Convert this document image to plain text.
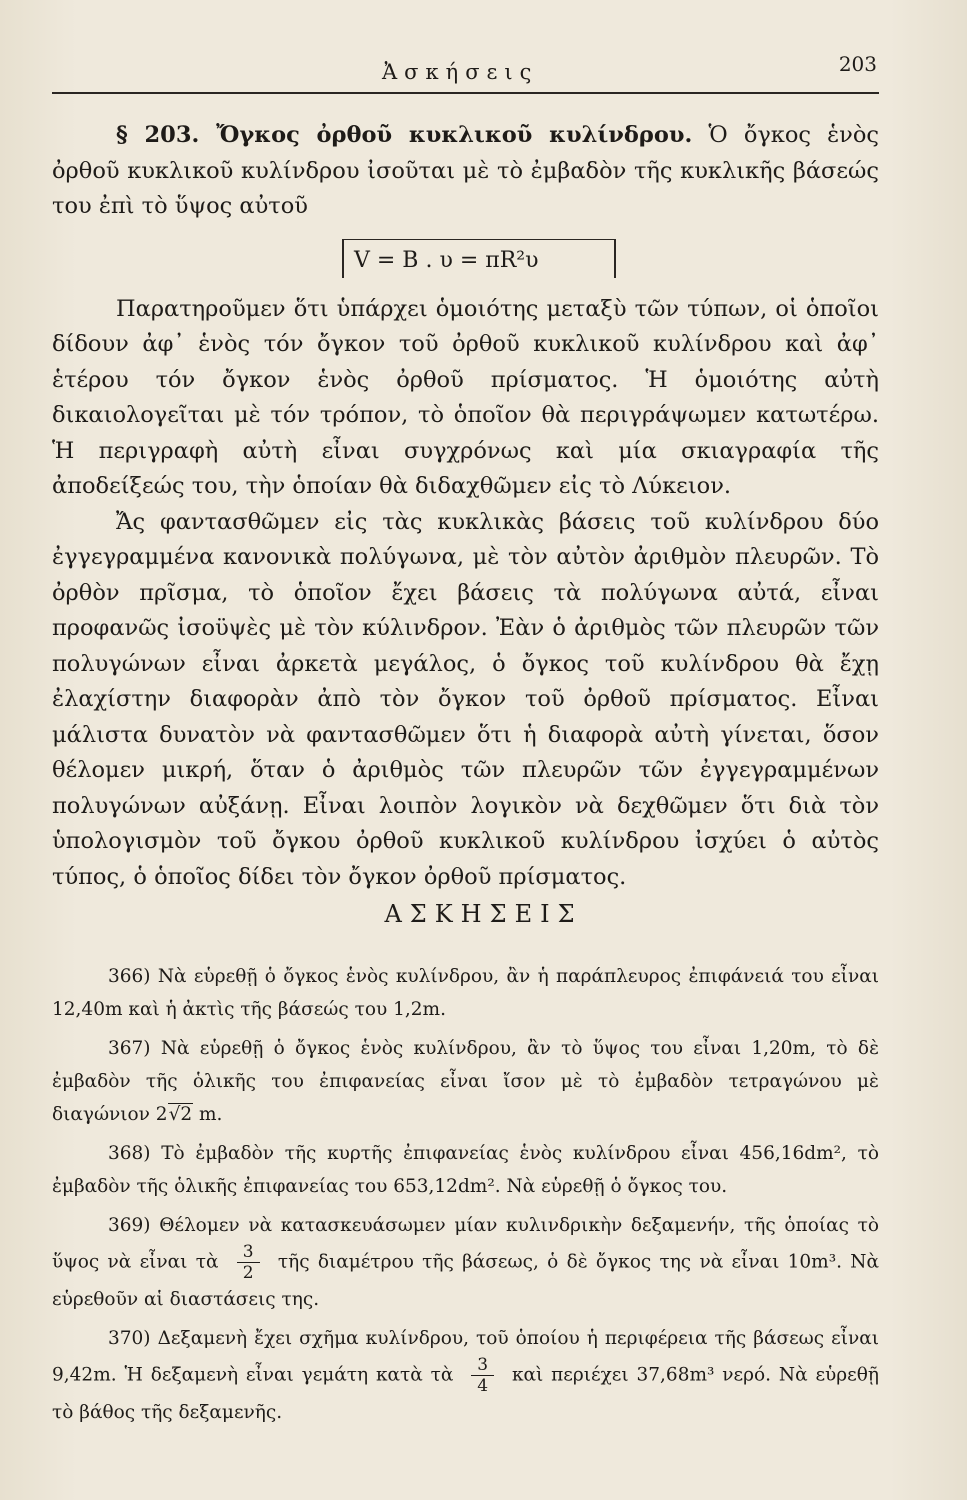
Ἀσκήσεις	203

§ 203. Ὄγκος ὀρθοῦ κυκλικοῦ κυλίνδρου. Ὁ ὄγκος ἑνὸς ὀρθοῦ κυκλικοῦ κυλίνδρου ἰσοῦται μὲ τὸ ἐμβαδὸν τῆς κυκλικῆς βάσεώς του ἐπὶ τὸ ὕψος αὐτοῦ

V = B . υ = πR²υ

Παρατηροῦμεν ὅτι ὑπάρχει ὁμοιότης μεταξὺ τῶν τύπων, οἱ ὁποῖοι δίδουν ἀφ᾽ ἑνὸς τόν ὄγκον τοῦ ὀρθοῦ κυκλικοῦ κυλίνδρου καὶ ἀφ᾽ ἑτέρου τόν ὄγκον ἑνὸς ὀρθοῦ πρίσματος. Ἡ ὁμοιότης αὐτὴ δικαιολογεῖται μὲ τόν τρόπον, τὸ ὁποῖον θὰ περιγράψωμεν κατωτέρω. Ἡ περιγραφὴ αὐτὴ εἶναι συγχρόνως καὶ μία σκιαγραφία τῆς ἀποδείξεώς του, τὴν ὁποίαν θὰ διδαχθῶμεν εἰς τὸ Λύκειον.

Ἄς φαντασθῶμεν εἰς τὰς κυκλικὰς βάσεις τοῦ κυλίνδρου δύο ἐγγεγραμμένα κανονικὰ πολύγωνα, μὲ τὸν αὐτὸν ἀριθμὸν πλευρῶν. Τὸ ὀρθὸν πρῖσμα, τὸ ὁποῖον ἔχει βάσεις τὰ πολύγωνα αὐτά, εἶναι προφανῶς ἰσοϋψὲς μὲ τὸν κύλινδρον. Ἐὰν ὁ ἀριθμὸς τῶν πλευρῶν τῶν πολυγώνων εἶναι ἀρκετὰ μεγάλος, ὁ ὄγκος τοῦ κυλίνδρου θὰ ἔχῃ ἐλαχίστην διαφορὰν ἀπὸ τὸν ὄγκον τοῦ ὀρθοῦ πρίσματος. Εἶναι μάλιστα δυνατὸν νὰ φαντασθῶμεν ὅτι ἡ διαφορὰ αὐτὴ γίνεται, ὅσον θέλομεν μικρή, ὅταν ὁ ἀριθμὸς τῶν πλευρῶν τῶν ἐγγεγραμμένων πολυγώνων αὐξάνῃ. Εἶναι λοιπὸν λογικὸν νὰ δεχθῶμεν ὅτι διὰ τὸν ὑπολογισμὸν τοῦ ὄγκου ὀρθοῦ κυκλικοῦ κυλίνδρου ἰσχύει ὁ αὐτὸς τύπος, ὁ ὁποῖος δίδει τὸν ὄγκον ὀρθοῦ πρίσματος.

ΑΣΚΗΣΕΙΣ

366) Νὰ εὑρεθῇ ὁ ὄγκος ἑνὸς κυλίνδρου, ἂν ἡ παράπλευρος ἐπιφάνειά του εἶναι 12,40m καὶ ἡ ἀκτὶς τῆς βάσεώς του 1,2m.

367) Νὰ εὑρεθῇ ὁ ὄγκος ἑνὸς κυλίνδρου, ἂν τὸ ὕψος του εἶναι 1,20m, τὸ δὲ ἐμβαδὸν τῆς ὁλικῆς του ἐπιφανείας εἶναι ἴσον μὲ τὸ ἐμβαδὸν τετραγώνου μὲ διαγώνιον 2√2 m.

368) Τὸ ἐμβαδὸν τῆς κυρτῆς ἐπιφανείας ἑνὸς κυλίνδρου εἶναι 456,16dm², τὸ ἐμβαδὸν τῆς ὁλικῆς ἐπιφανείας του 653,12dm². Νὰ εὑρεθῇ ὁ ὄγκος του.

369) Θέλομεν νὰ κατασκευάσωμεν μίαν κυλινδρικὴν δεξαμενήν, τῆς ὁποίας τὸ ὕψος νὰ εἶναι τὰ $\frac{3}{2}$ τῆς διαμέτρου τῆς βάσεως, ὁ δὲ ὄγκος της νὰ εἶναι 10m³. Νὰ εὑρεθοῦν αἱ διαστάσεις της.

370) Δεξαμενὴ ἔχει σχῆμα κυλίνδρου, τοῦ ὁποίου ἡ περιφέρεια τῆς βάσεως εἶναι 9,42m. Ἡ δεξαμενὴ εἶναι γεμάτη κατὰ τὰ $\frac{3}{4}$ καὶ περιέχει 37,68m³ νερό. Νὰ εὑρεθῇ τὸ βάθος τῆς δεξαμενῆς.
